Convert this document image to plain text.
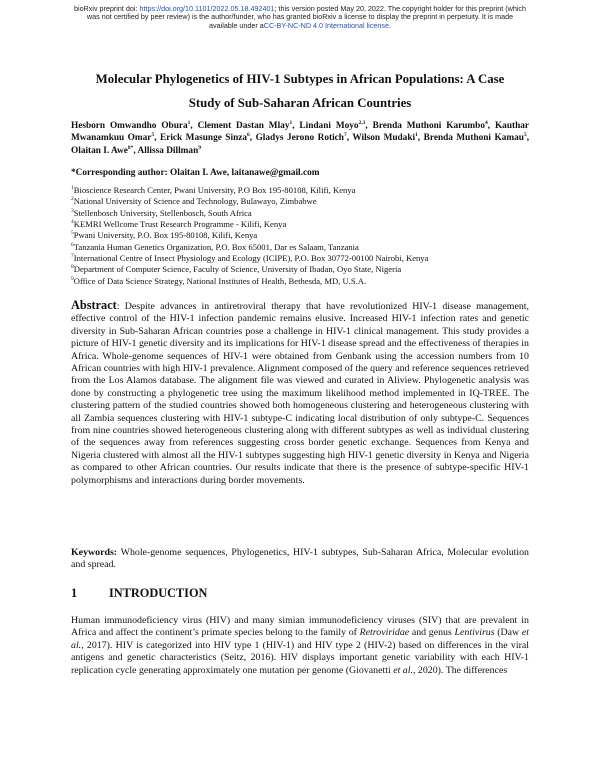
bioRxiv preprint doi: https://doi.org/10.1101/2022.05.18.492401; this version posted May 20, 2022. The copyright holder for this preprint (which
was not certified by peer review) is the author/funder, who has granted bioRxiv a license to display the preprint in perpetuity. It is made
available under aCC-BY-NC-ND 4.0 International license.
Molecular Phylogenetics of HIV-1 Subtypes in African Populations: A Case
Study of Sub-Saharan African Countries
Hesborn Omwandho Obura$^1$, Clement Dastan Mlay$^1$, Lindani Moyo$^{2,3}$, Brenda Muthoni Karumbo$^4$, Kauthar Mwanamkuu Omar$^5$, Erick Masunge Sinza$^6$, Gladys Jerono Rotich$^7$, Wilson Mudaki$^1$, Brenda Muthoni Kamau$^5$, Olaitan I. Awe$^{8*}$, Allissa Dillman$^9$
*Corresponding author: Olaitan I. Awe, laitanawe@gmail.com
$^1$Bioscience Research Center, Pwani University, P.O Box 195-80108, Kilifi, Kenya
$^2$National University of Science and Technology, Bulawayo, Zimbabwe
$^3$Stellenbosch University, Stellenbosch, South Africa
$^4$KEMRI Wellcome Trust Research Programme - Kilifi, Kenya
$^5$Pwani University, P.O. Box 195-80108, Kilifi, Kenya
$^6$Tanzania Human Genetics Organization, P.O. Box 65001, Dar es Salaam, Tanzania
$^7$International Centre of Insect Physiology and Ecology (ICIPE), P.O. Box 30772-00100 Nairobi, Kenya
$^8$Department of Computer Science, Faculty of Science, University of Ibadan, Oyo State, Nigeria
$^9$Office of Data Science Strategy, National Institutes of Health, Bethesda, MD, U.S.A.
Abstract: Despite advances in antiretroviral therapy that have revolutionized HIV-1 disease management, effective control of the HIV-1 infection pandemic remains elusive. Increased HIV-1 infection rates and genetic diversity in Sub-Saharan African countries pose a challenge in HIV-1 clinical management. This study provides a picture of HIV-1 genetic diversity and its implications for HIV-1 disease spread and the effectiveness of therapies in Africa. Whole-genome sequences of HIV-1 were obtained from Genbank using the accession numbers from 10 African countries with high HIV-1 prevalence. Alignment composed of the query and reference sequences retrieved from the Los Alamos database. The alignment file was viewed and curated in Aliview. Phylogenetic analysis was done by constructing a phylogenetic tree using the maximum likelihood method implemented in IQ-TREE. The clustering pattern of the studied countries showed both homogeneous clustering and heterogeneous clustering with all Zambia sequences clustering with HIV-1 subtype-C indicating local distribution of only subtype-C. Sequences from nine countries showed heterogeneous clustering along with different subtypes as well as individual clustering of the sequences away from references suggesting cross border genetic exchange. Sequences from Kenya and Nigeria clustered with almost all the HIV-1 subtypes suggesting high HIV-1 genetic diversity in Kenya and Nigeria as compared to other African countries. Our results indicate that there is the presence of subtype-specific HIV-1 polymorphisms and interactions during border movements.
Keywords: Whole-genome sequences, Phylogenetics, HIV-1 subtypes, Sub-Saharan Africa, Molecular evolution and spread.
1	INTRODUCTION
Human immunodeficiency virus (HIV) and many simian immunodeficiency viruses (SIV) that are prevalent in Africa and affect the continent’s primate species belong to the family of Retroviridae and genus Lentivirus (Daw et al., 2017). HIV is categorized into HIV type 1 (HIV-1) and HIV type 2 (HIV-2) based on differences in the viral antigens and genetic characteristics (Seitz, 2016). HIV displays important genetic variability with each HIV-1 replication cycle generating approximately one mutation per genome (Giovanetti et al., 2020). The differences
